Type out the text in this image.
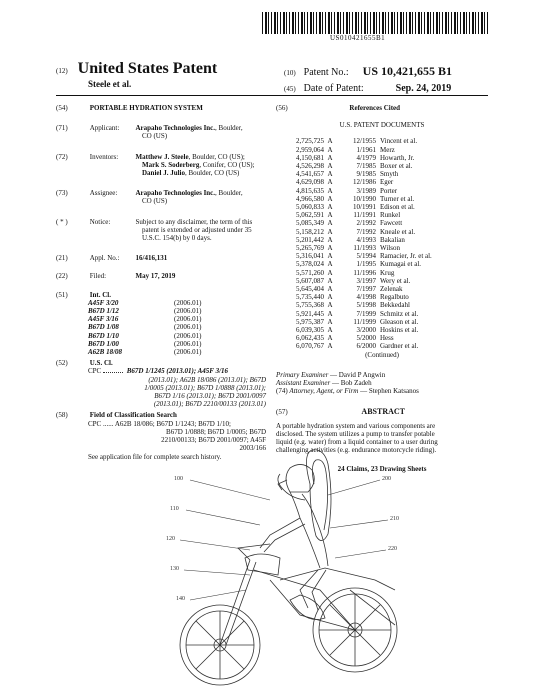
US010421655B1
(12) United States Patent
Steele et al.
(10) Patent No.: US 10,421,655 B1
(45) Date of Patent:	Sep. 24, 2019
(54)	PORTABLE HYDRATION SYSTEM
(71)	Applicant: Arapaho Technologies Inc., Boulder,
CO (US)
(72)	Inventors: Matthew J. Steele, Boulder, CO (US);
Mark S. Soderberg, Conifer, CO (US);
Daniel J. Julio, Boulder, CO (US)
(73)	Assignee:	Arapaho Technologies Inc., Boulder,
CO (US)
( * )	Notice:	Subject to any disclaimer, the term of this
patent is extended or adjusted under 35
U.S.C. 154(b) by 0 days.
(21)	Appl. No.: 16/416,131
(22)	Filed:	May 17, 2019
(51)	Int. Cl.
A45F 3/20	(2006.01)
B67D 1/12	(2006.01)
A45F 3/16	(2006.01)
B67D 1/08	(2006.01)
B67D 1/10	(2006.01)
B67D 1/00	(2006.01)
A62B 18/08	(2006.01)
(52)	U.S. Cl.
CPC	B67D 1/1245 (2013.01); A45F 3/16
(2013.01); A62B 18/086 (2013.01); B67D
1/0005 (2013.01); B67D 1/0888 (2013.01);
B67D 1/16 (2013.01); B67D 2001/0097
(2013.01); B67D 2210/00133 (2013.01)
(58)	Field of Classification Search
CPC ...... A62B 18/086; B67D 1/1243; B67D 1/10;
B67D 1/0888; B67D 1/0005; B67D
2210/00133; B67D 2001/0097; A45F
2003/166
See application file for complete search history.
(56)	References Cited
U.S. PATENT DOCUMENTS
2,725,725 A	12/1955 Vincent et al.
2,959,064 A	1/1961 Merz
4,150,681 A	4/1979 Howarth, Jr.
4,526,298 A	7/1985 Boxer et al.
4,541,657 A	9/1985 Smyth
4,629,098 A	12/1986 Eger
4,815,635 A	3/1989 Porter
4,966,580 A	10/1990 Turner et al.
5,060,833 A	10/1991 Edison et al.
5,062,591 A	11/1991 Runkel
5,085,349 A	2/1992 Fawcett
5,158,212 A	7/1992 Kneale et al.
5,201,442 A	4/1993 Bakalian
5,265,769 A	11/1993 Wilson
5,316,041 A	5/1994 Ramacier, Jr. et al.
5,378,024 A	1/1995 Kumagai et al.
5,571,260 A	11/1996 Krug
5,607,087 A	3/1997 Wery et al.
5,645,404 A	7/1997 Zelenak
5,735,440 A	4/1998 Regalbuto
5,755,368 A	5/1998 Bekkedahl
5,921,445 A	7/1999 Schmitz et al.
5,975,387 A	11/1999 Gleason et al.
6,039,305 A	3/2000 Hoskins et al.
6,062,435 A	5/2000 Hess
6,070,767 A	6/2000 Gardner et al.
(Continued)
Primary Examiner — David P Angwin
Assistant Examiner — Bob Zadeh
(74) Attorney, Agent, or Firm — Stephen Katsanos
(57)	ABSTRACT
A portable hydration system and various components are
disclosed. The system utilizes a pump to transfer potable
liquid (e.g. water) from a liquid container to a user during
challenging activities (e.g. endurance motorcycle riding).
24 Claims, 23 Drawing Sheets
100
110
120
130
140
200
210
220
